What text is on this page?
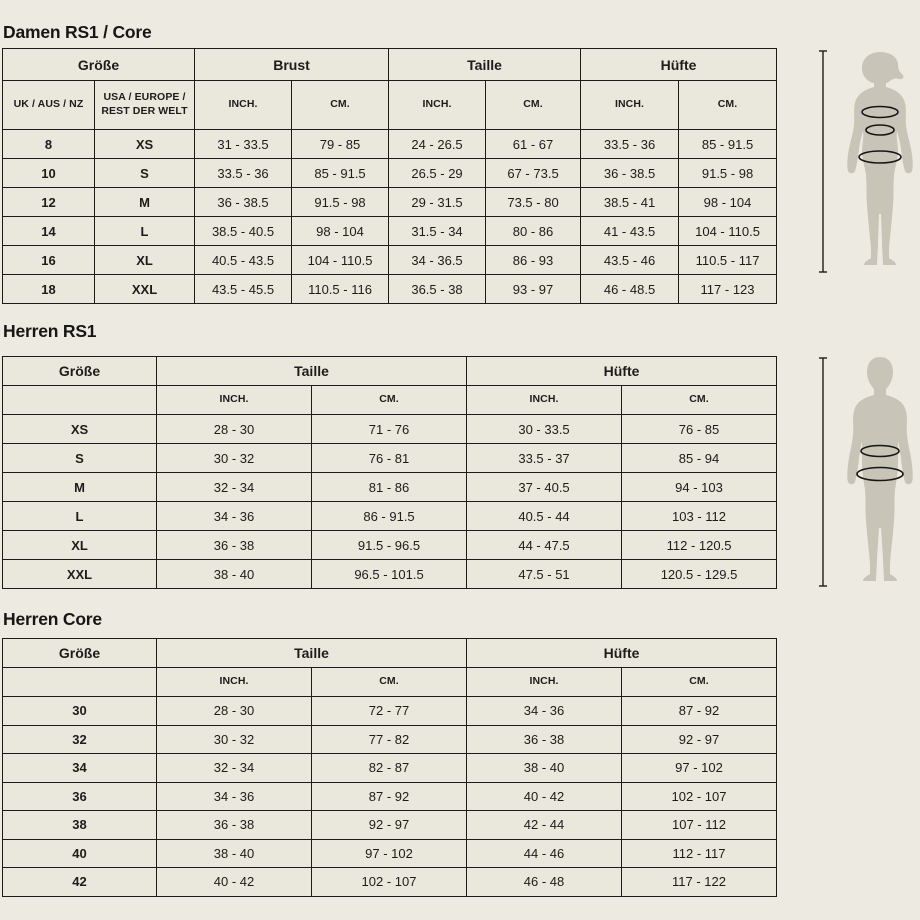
Damen RS1 / Core
Größe		Brust		Taille		Hüfte	
UK / AUS / NZ	USA / EUROPE / REST DER WELT	INCH.	CM.	INCH.	CM.	INCH.	CM.
8	XS	31 - 33.5	79 - 85	24 - 26.5	61 - 67	33.5 - 36	85 - 91.5
10	S	33.5 - 36	85 - 91.5	26.5 - 29	67 - 73.5	36 - 38.5	91.5 - 98
12	M	36 - 38.5	91.5 - 98	29 - 31.5	73.5 - 80	38.5 - 41	98 - 104
14	L	38.5 - 40.5	98 - 104	31.5 - 34	80 - 86	41 - 43.5	104 - 110.5
16	XL	40.5 - 43.5	104 - 110.5	34 - 36.5	86 - 93	43.5 - 46	110.5 - 117
18	XXL	43.5 - 45.5	110.5 - 116	36.5 - 38	93 - 97	46 - 48.5	117 - 123
Herren RS1
Größe	Taille		Hüfte	
	INCH.	CM.	INCH.	CM.
XS	28 - 30	71 - 76	30 - 33.5	76 - 85
S	30 - 32	76 - 81	33.5 - 37	85 - 94
M	32 - 34	81 - 86	37 - 40.5	94 - 103
L	34 - 36	86 - 91.5	40.5 - 44	103 - 112
XL	36 - 38	91.5 - 96.5	44 - 47.5	112 - 120.5
XXL	38 - 40	96.5 - 101.5	47.5 - 51	120.5 - 129.5
Herren Core
Größe	Taille		Hüfte	
	INCH.	CM.	INCH.	CM.
30	28 - 30	72 - 77	34 - 36	87 - 92
32	30 - 32	77 - 82	36 - 38	92 - 97
34	32 - 34	82 - 87	38 - 40	97 - 102
36	34 - 36	87 - 92	40 - 42	102 - 107
38	36 - 38	92 - 97	42 - 44	107 - 112
40	38 - 40	97 - 102	44 - 46	112 - 117
42	40 - 42	102 - 107	46 - 48	117 - 122
